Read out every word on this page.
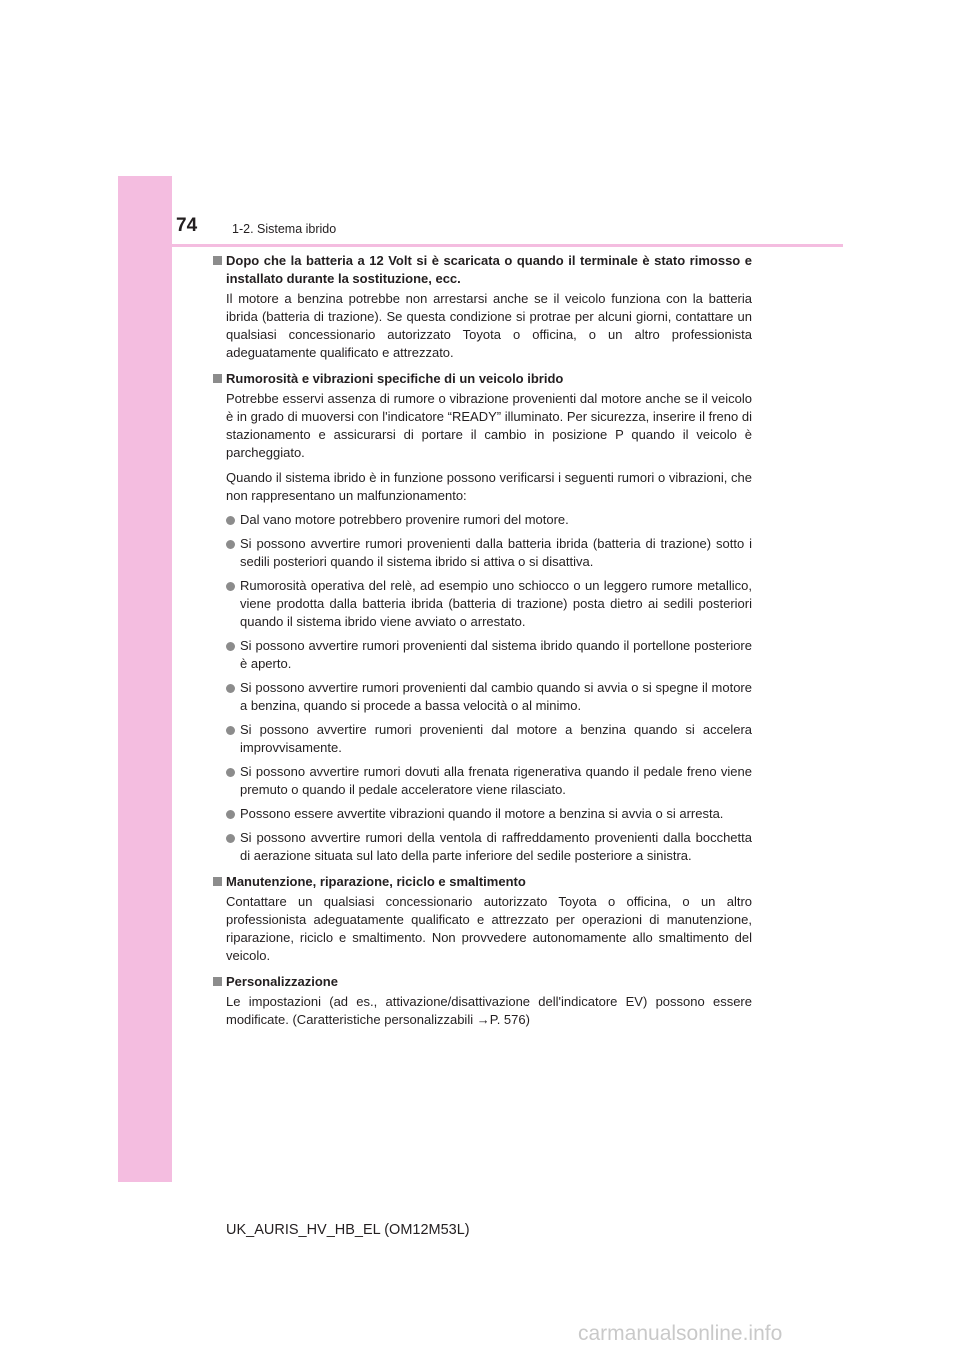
74	1-2. Sistema ibrido
Dopo che la batteria a 12 Volt si è scaricata o quando il terminale è stato rimosso e installato durante la sostituzione, ecc.
Il motore a benzina potrebbe non arrestarsi anche se il veicolo funziona con la batteria ibrida (batteria di trazione). Se questa condizione si protrae per alcuni giorni, contattare un qualsiasi concessionario autorizzato Toyota o officina, o un altro professionista adeguatamente qualificato e attrezzato.
Rumorosità e vibrazioni specifiche di un veicolo ibrido
Potrebbe esservi assenza di rumore o vibrazione provenienti dal motore anche se il veicolo è in grado di muoversi con l'indicatore “READY” illuminato. Per sicurezza, inserire il freno di stazionamento e assicurarsi di portare il cambio in posizione P quando il veicolo è parcheggiato.
Quando il sistema ibrido è in funzione possono verificarsi i seguenti rumori o vibrazioni, che non rappresentano un malfunzionamento:
Dal vano motore potrebbero provenire rumori del motore.
Si possono avvertire rumori provenienti dalla batteria ibrida (batteria di trazione) sotto i sedili posteriori quando il sistema ibrido si attiva o si disattiva.
Rumorosità operativa del relè, ad esempio uno schiocco o un leggero rumore metallico, viene prodotta dalla batteria ibrida (batteria di trazione) posta dietro ai sedili posteriori quando il sistema ibrido viene avviato o arrestato.
Si possono avvertire rumori provenienti dal sistema ibrido quando il portellone posteriore è aperto.
Si possono avvertire rumori provenienti dal cambio quando si avvia o si spegne il motore a benzina, quando si procede a bassa velocità o al minimo.
Si possono avvertire rumori provenienti dal motore a benzina quando si accelera improvvisamente.
Si possono avvertire rumori dovuti alla frenata rigenerativa quando il pedale freno viene premuto o quando il pedale acceleratore viene rilasciato.
Possono essere avvertite vibrazioni quando il motore a benzina si avvia o si arresta.
Si possono avvertire rumori della ventola di raffreddamento provenienti dalla bocchetta di aerazione situata sul lato della parte inferiore del sedile posteriore a sinistra.
Manutenzione, riparazione, riciclo e smaltimento
Contattare un qualsiasi concessionario autorizzato Toyota o officina, o un altro professionista adeguatamente qualificato e attrezzato per operazioni di manutenzione, riparazione, riciclo e smaltimento. Non provvedere autonomamente allo smaltimento del veicolo.
Personalizzazione
Le impostazioni (ad es., attivazione/disattivazione dell'indicatore EV) possono essere modificate. (Caratteristiche personalizzabili →P. 576)
UK_AURIS_HV_HB_EL (OM12M53L)
carmanualsonline.info
